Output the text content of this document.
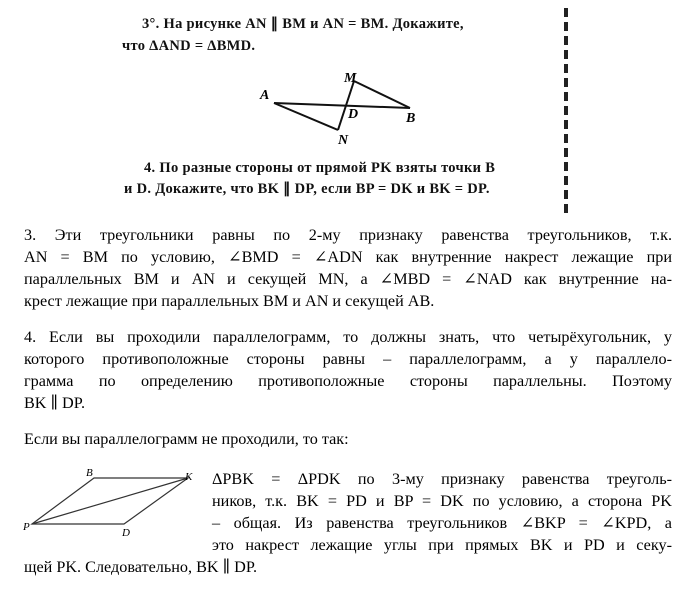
3°. На рисунке AN ∥ BM и AN = BM. Докажите,
что ΔAND = ΔBMD.
A
M
D	B
N
4. По разные стороны от прямой PK взяты точки B
и D. Докажите, что BK ∥ DP, если BP = DK и BK = DP.
3. Эти треугольники равны по 2-му признаку равенства треугольников, т.к.
AN = BM по условию, ∠BMD = ∠ADN как внутренние накрест лежащие при
параллельных BM и AN и секущей MN, а ∠MBD = ∠NAD как внутренние на-
крест лежащие при параллельных BM и AN и секущей AB.
4. Если вы проходили параллелограмм, то должны знать, что четырёхугольник, у
которого противоположные стороны равны – параллелограмм, а у параллело-
грамма по определению противоположные стороны параллельны. Поэтому
BK ∥ DP.
Если вы параллелограмм не проходили, то так:
B	K
P	D
ΔPBK = ΔPDK по 3-му признаку равенства треуголь-
ников, т.к. BK = PD и BP = DK по условию, а сторона PK
– общая. Из равенства треугольников ∠BKP = ∠KPD, а
это накрест лежащие углы при прямых BK и PD и секу-
щей PK. Следовательно, BK ∥ DP.
